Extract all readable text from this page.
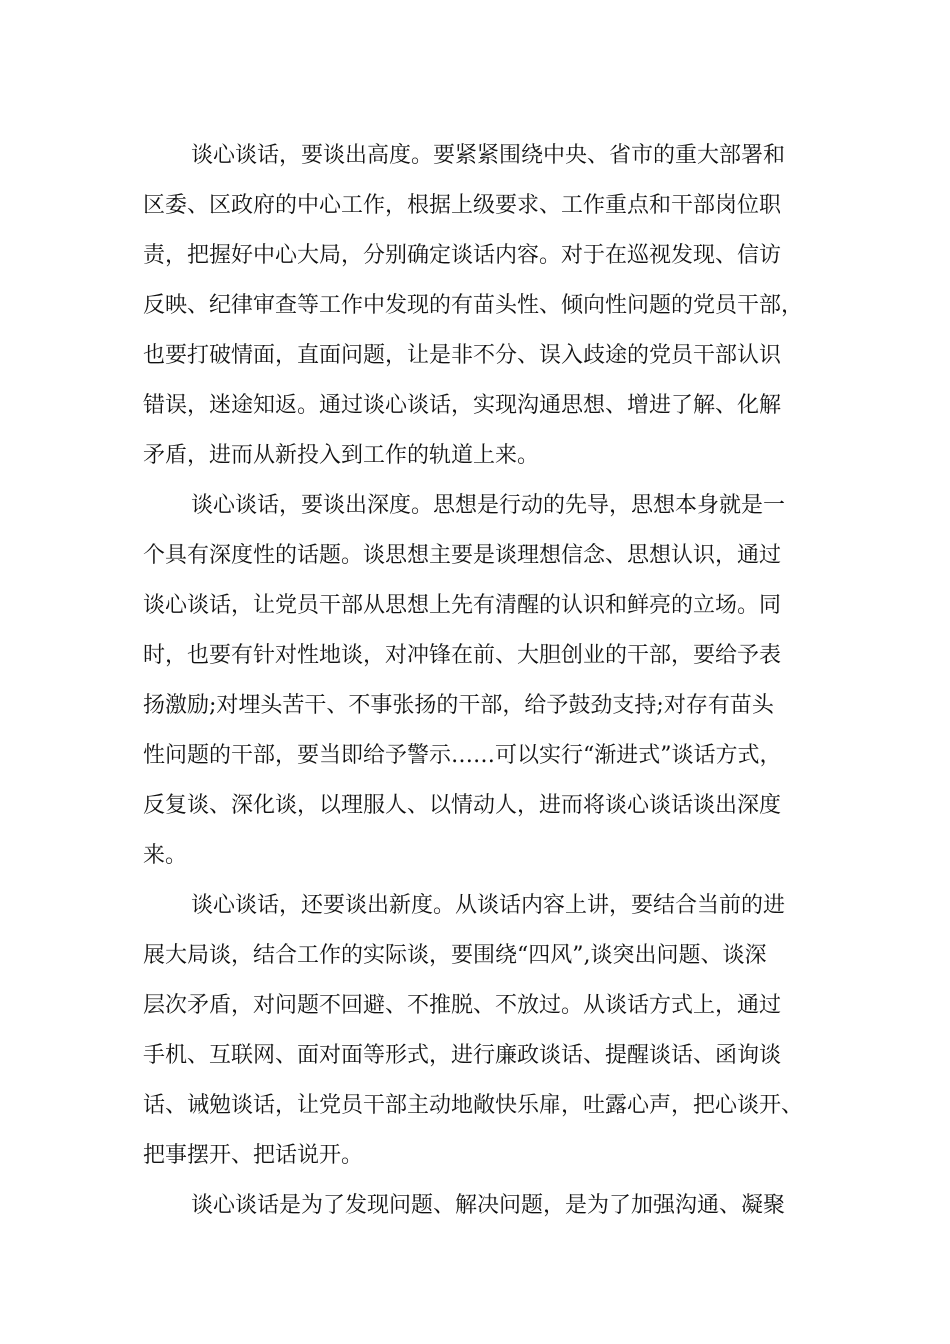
谈心谈话，要谈出高度。要紧紧围绕中央、省市的重大部署和
区委、区政府的中心工作，根据上级要求、工作重点和干部岗位职
责，把握好中心大局，分别确定谈话内容。对于在巡视发现、信访
反映、纪律审查等工作中发现的有苗头性、倾向性问题的党员干部，
也要打破情面，直面问题，让是非不分、误入歧途的党员干部认识
错误，迷途知返。通过谈心谈话，实现沟通思想、增进了解、化解
矛盾，进而从新投入到工作的轨道上来。

谈心谈话，要谈出深度。思想是行动的先导，思想本身就是一
个具有深度性的话题。谈思想主要是谈理想信念、思想认识，通过
谈心谈话，让党员干部从思想上先有清醒的认识和鲜亮的立场。同
时，也要有针对性地谈，对冲锋在前、大胆创业的干部，要给予表
扬激励;对埋头苦干、不事张扬的干部，给予鼓劲支持;对存有苗头
性问题的干部，要当即给予警示……可以实行“渐进式”谈话方式，
反复谈、深化谈，以理服人、以情动人，进而将谈心谈话谈出深度
来。

谈心谈话，还要谈出新度。从谈话内容上讲，要结合当前的进
展大局谈，结合工作的实际谈，要围绕“四风”,谈突出问题、谈深
层次矛盾，对问题不回避、不推脱、不放过。从谈话方式上，通过
手机、互联网、面对面等形式，进行廉政谈话、提醒谈话、函询谈
话、诫勉谈话，让党员干部主动地敞快乐扉，吐露心声，把心谈开、
把事摆开、把话说开。

谈心谈话是为了发现问题、解决问题，是为了加强沟通、凝聚
